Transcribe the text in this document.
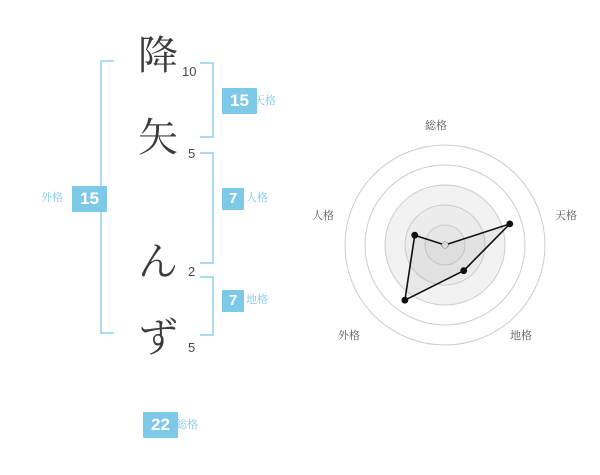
15
外格
降 10
矢 5
ん 2
ず 5
15 天格
7 人格
7 地格
22 総格
総格
天格
地格
外格
人格
